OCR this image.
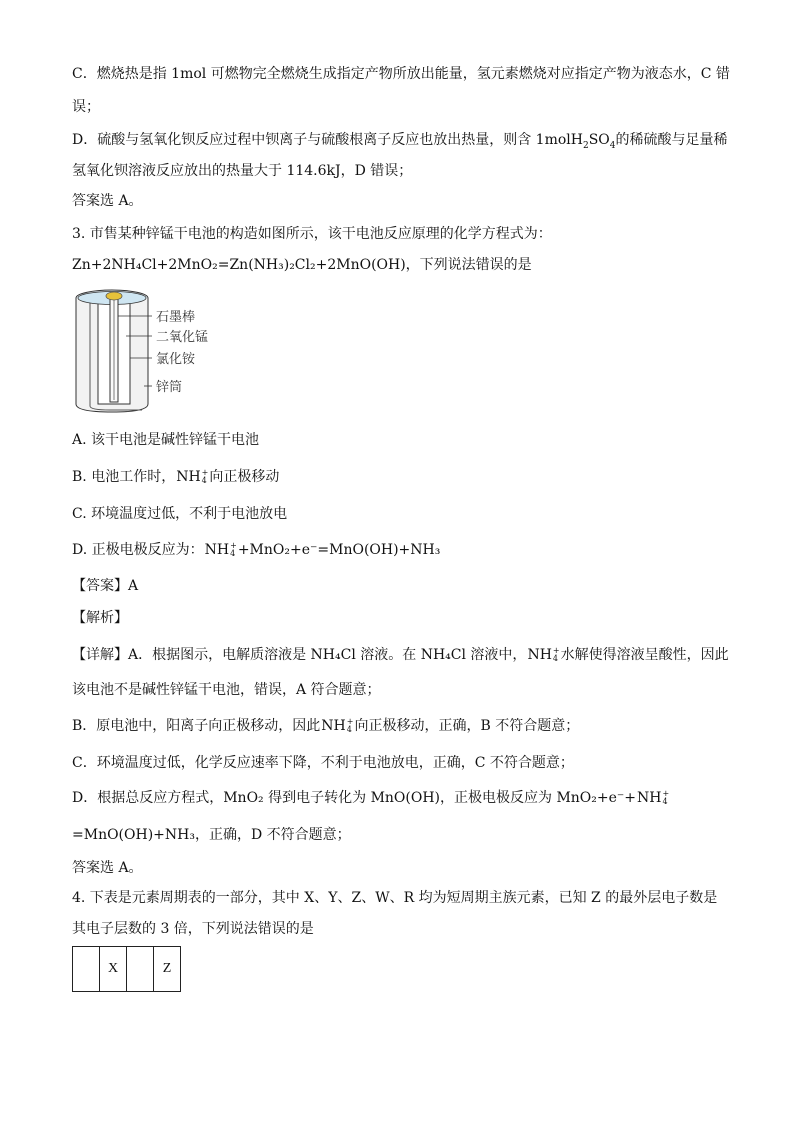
C．燃烧热是指 1mol 可燃物完全燃烧生成指定产物所放出能量，氢元素燃烧对应指定产物为液态水，C 错
误；
D．硫酸与氢氧化钡反应过程中钡离子与硫酸根离子反应也放出热量，则含 $1molH_2SO_4$的稀硫酸与足量稀
氢氧化钡溶液反应放出的热量大于 114.6kJ，D 错误；
答案选 A。
3. 市售某种锌锰干电池的构造如图所示，该干电池反应原理的化学方程式为：
Zn+2NH₄Cl+2MnO₂=Zn(NH₃)₂Cl₂+2MnO(OH)，下列说法错误的是
石墨棒
二氧化锰
氯化铵
锌筒
A. 该干电池是碱性锌锰干电池
B. 电池工作时，NH +
4 向正极移动
C. 环境温度过低，不利于电池放电
D. 正极电极反应为：NH +
4 +MnO₂+e⁻=MnO(OH)+NH₃
【答案】A
【解析】
【详解】A．根据图示，电解质溶液是 NH₄Cl 溶液。在 NH₄Cl 溶液中，NH +
4 水解使得溶液呈酸性，因此
该电池不是碱性锌锰干电池，错误，A 符合题意；
B．原电池中，阳离子向正极移动，因此NH +
4 向正极移动，正确，B 不符合题意；
C．环境温度过低，化学反应速率下降，不利于电池放电，正确，C 不符合题意；
D．根据总反应方程式，MnO₂ 得到电子转化为 MnO(OH)，正极电极反应为 MnO₂+e⁻+NH +
4
=MnO(OH)+NH₃，正确，D 不符合题意；
答案选 A。
4. 下表是元素周期表的一部分，其中 X、Y、Z、W、R 均为短周期主族元素，已知 Z 的最外层电子数是
其电子层数的 3 倍，下列说法错误的是
	X		Z
